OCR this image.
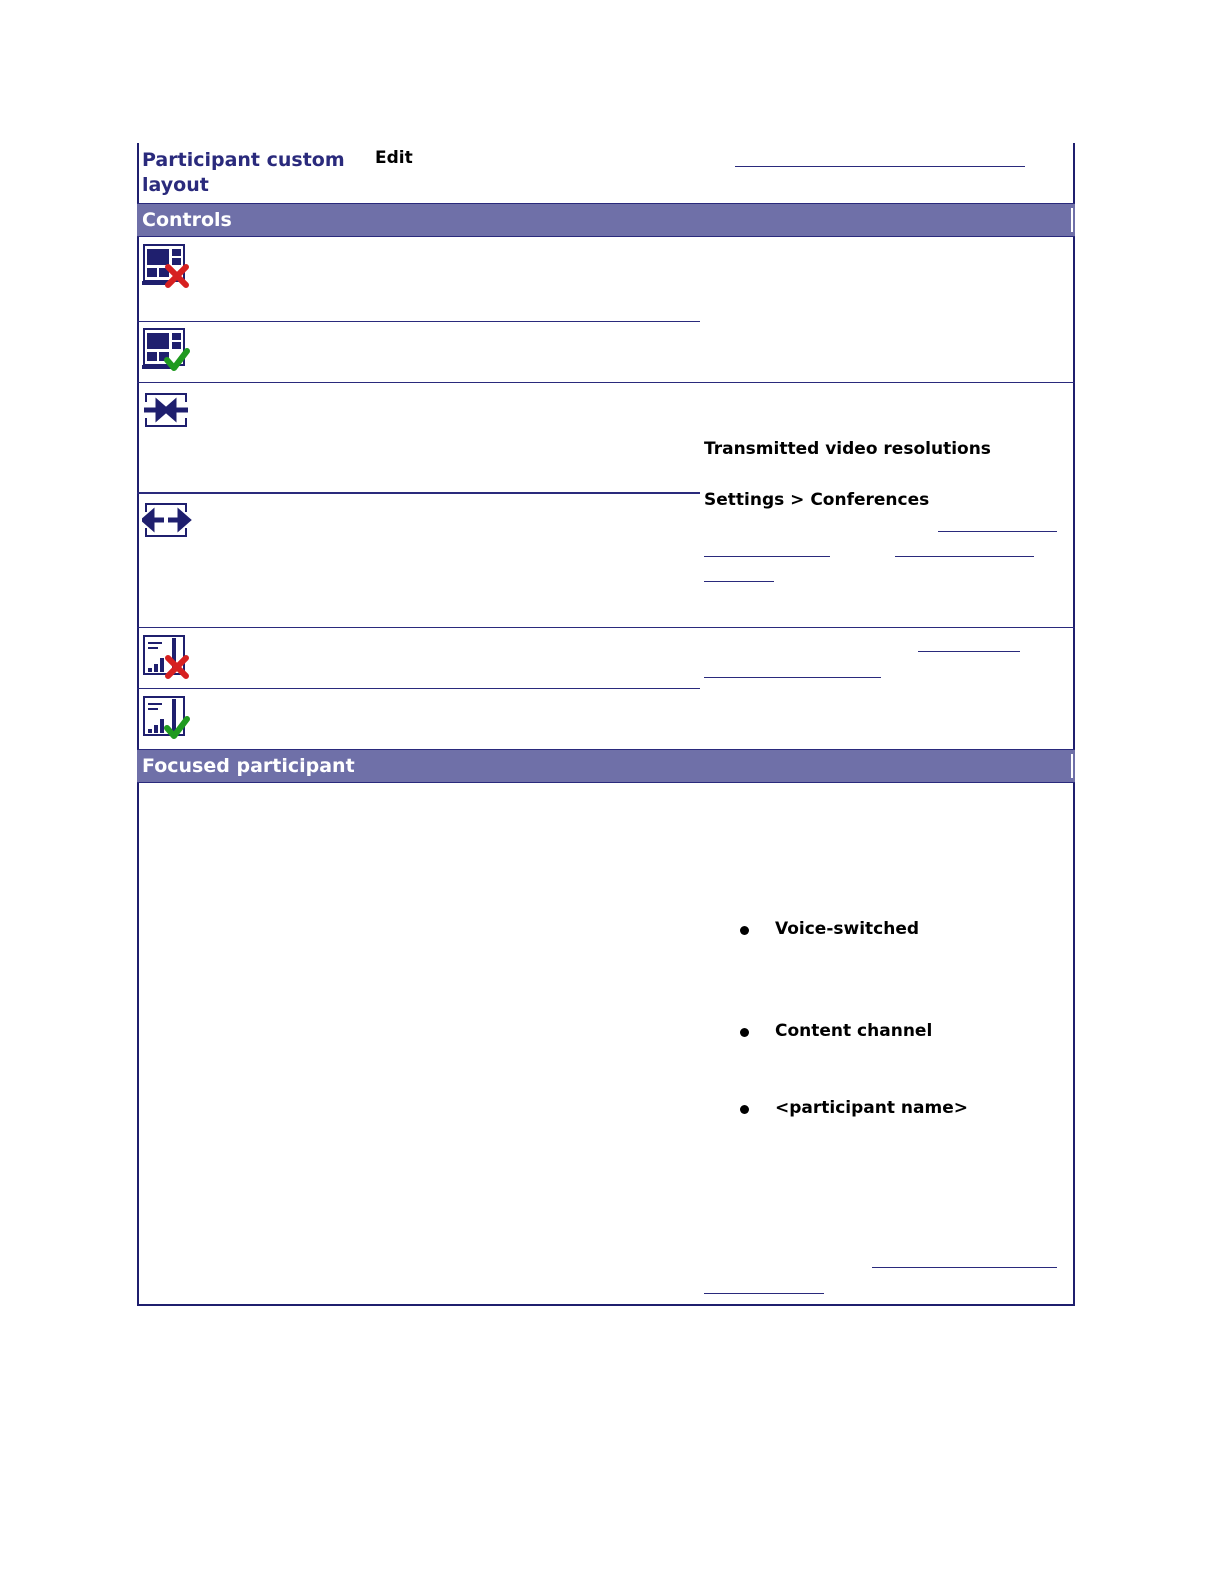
Participant custom
layout
Edit
Controls
Transmitted video resolutions
Settings > Conferences
Focused participant
Voice-switched
Content channel
<participant name>
